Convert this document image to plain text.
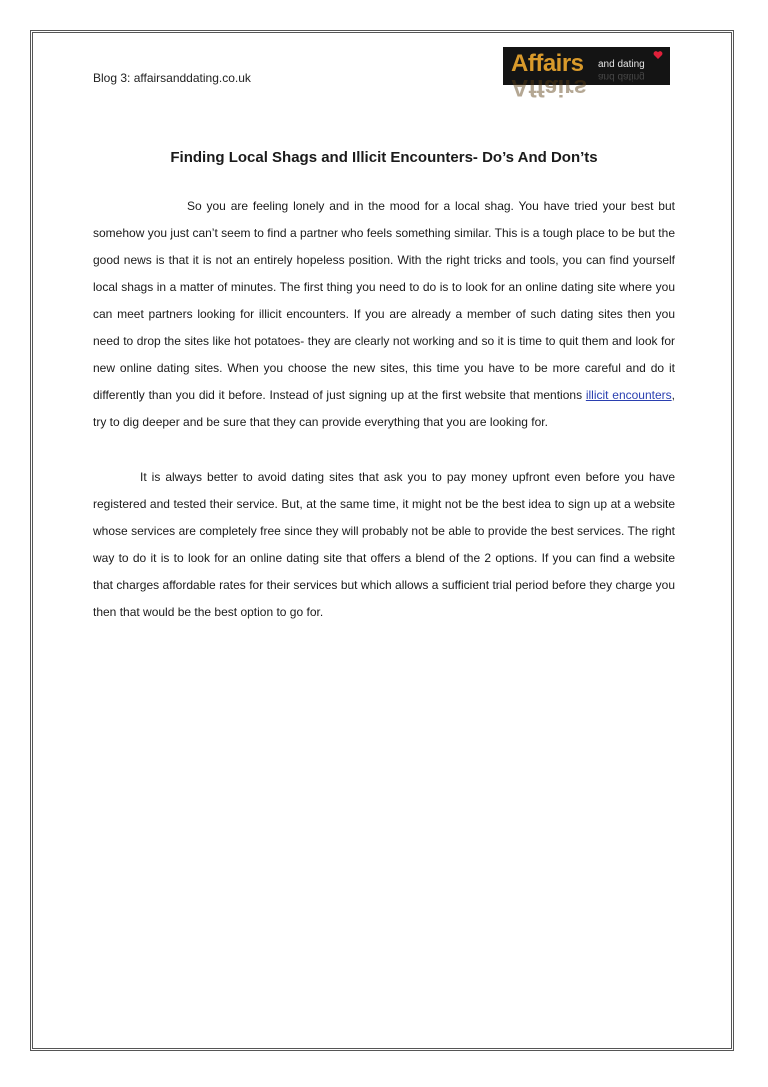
Blog 3: affairsanddating.co.uk
Affairs
Affairs
and dating
and dating
Finding Local Shags and Illicit Encounters- Do’s And Don’ts
So you are feeling lonely and in the mood for a local shag. You have tried your best but somehow you just can’t seem to find a partner who feels something similar. This is a tough place to be but the good news is that it is not an entirely hopeless position. With the right tricks and tools, you can find yourself local shags in a matter of minutes. The first thing you need to do is to look for an online dating site where you can meet partners looking for illicit encounters. If you are already a member of such dating sites then you need to drop the sites like hot potatoes- they are clearly not working and so it is time to quit them and look for new online dating sites. When you choose the new sites, this time you have to be more careful and do it differently than you did it before. Instead of just signing up at the first website that mentions illicit encounters, try to dig deeper and be sure that they can provide everything that you are looking for.
It is always better to avoid dating sites that ask you to pay money upfront even before you have registered and tested their service. But, at the same time, it might not be the best idea to sign up at a website whose services are completely free since they will probably not be able to provide the best services. The right way to do it is to look for an online dating site that offers a blend of the 2 options. If you can find a website that charges affordable rates for their services but which allows a sufficient trial period before they charge you then that would be the best option to go for.
